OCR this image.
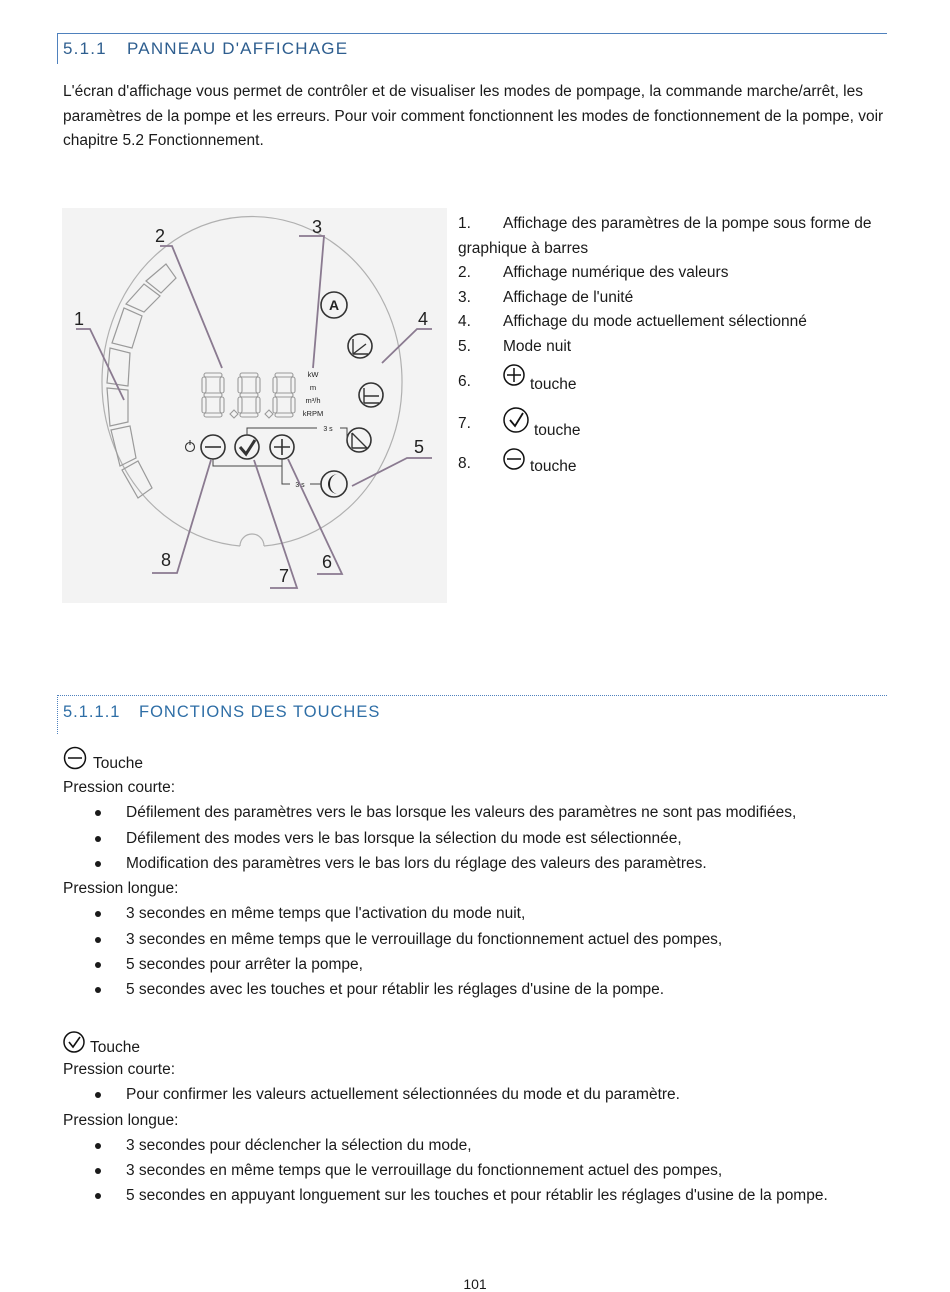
5.1.1 PANNEAU D'AFFICHAGE
L'écran d'affichage vous permet de contrôler et de visualiser les modes de pompage, la commande marche/arrêt, les paramètres de la pompe et les erreurs. Pour voir comment fonctionnent les modes de fonctionnement de la pompe, voir chapitre 5.2 Fonctionnement.
kW
m
m³/h
kRPM
A
3 s
3 s
1
2	3
4
5
6
7
8
1. Affichage des paramètres de la pompe sous forme de
graphique à barres
2. Affichage numérique des valeurs
3. Affichage de l'unité
4. Affichage du mode actuellement sélectionné
5. Mode nuit
6.	touche
7.	touche
8.	touche
5.1.1.1 FONCTIONS DES TOUCHES
Touche
Pression courte:
Défilement des paramètres vers le bas lorsque les valeurs des paramètres ne sont pas modifiées,
Défilement des modes vers le bas lorsque la sélection du mode est sélectionnée,
Modification des paramètres vers le bas lors du réglage des valeurs des paramètres.
Pression longue:
3 secondes en même temps que l'activation du mode nuit,
3 secondes en même temps que le verrouillage du fonctionnement actuel des pompes,
5 secondes pour arrêter la pompe,
5 secondes avec les touches et pour rétablir les réglages d'usine de la pompe.
Touche
Pression courte:
Pour confirmer les valeurs actuellement sélectionnées du mode et du paramètre.
Pression longue:
3 secondes pour déclencher la sélection du mode,
3 secondes en même temps que le verrouillage du fonctionnement actuel des pompes,
5 secondes en appuyant longuement sur les touches et pour rétablir les réglages d'usine de la pompe.
101
